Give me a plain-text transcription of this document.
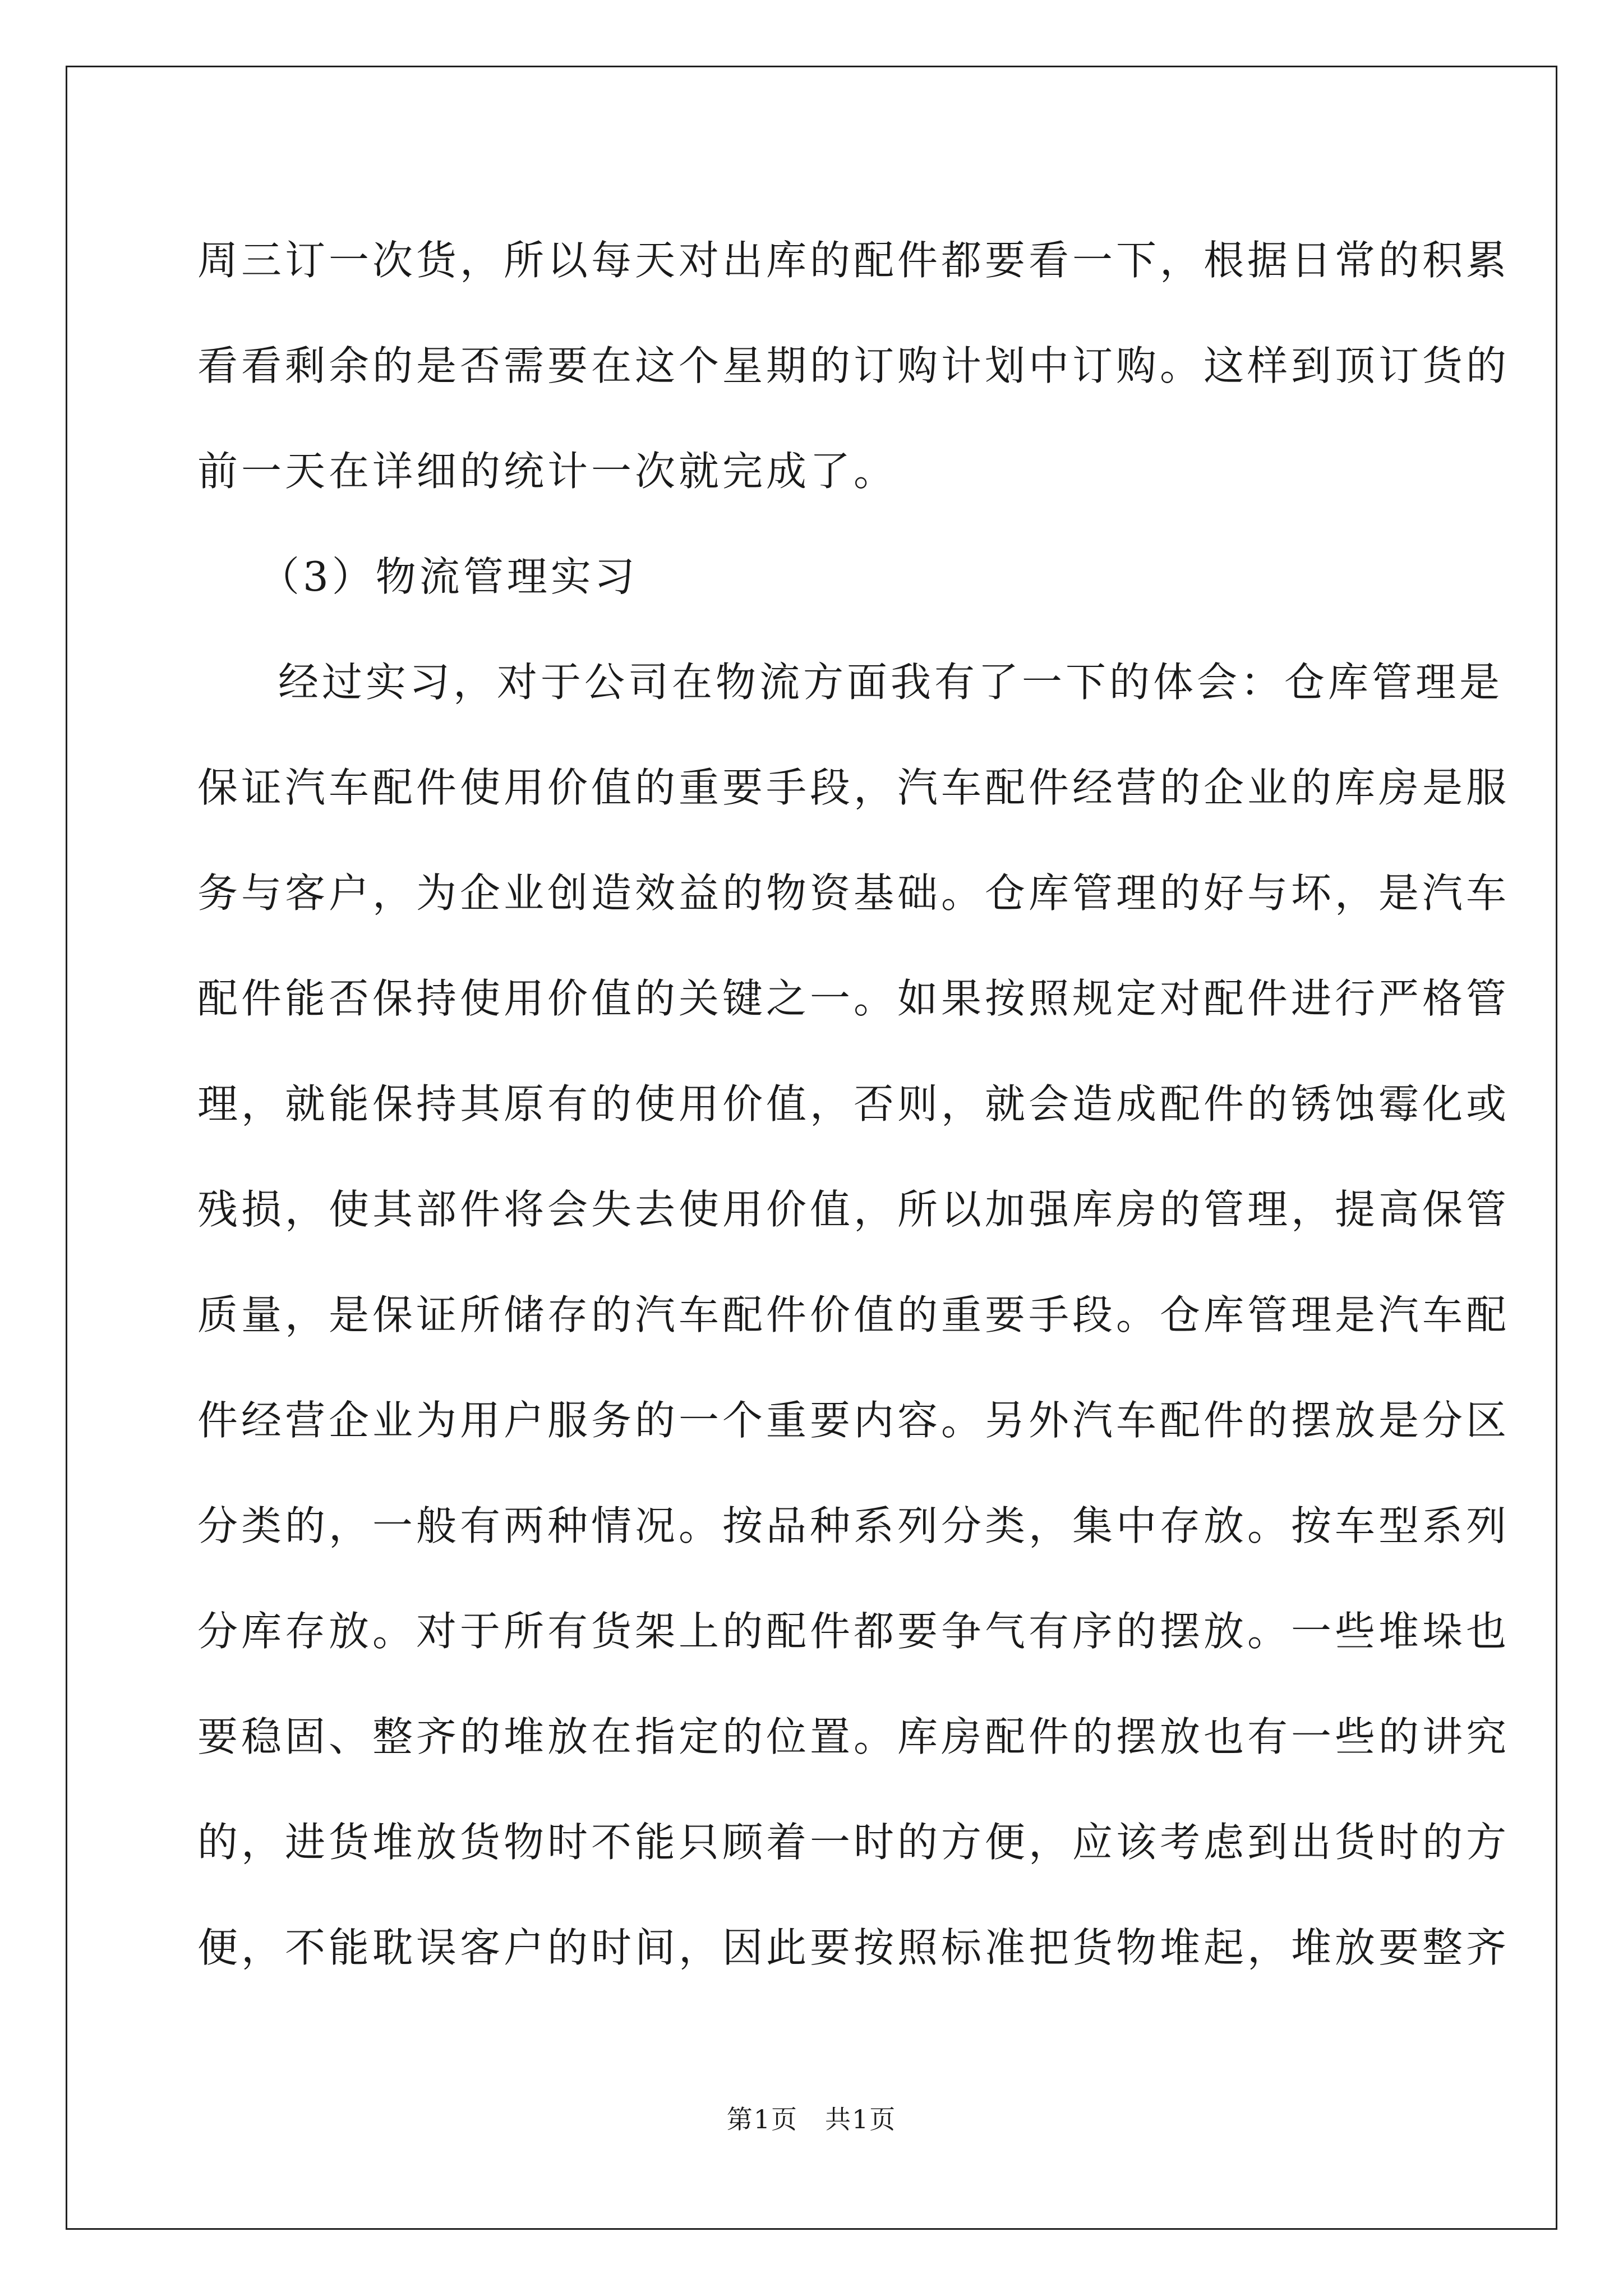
周三订一次货，所以每天对出库的配件都要看一下，根据日常的积累
看看剩余的是否需要在这个星期的订购计划中订购。这样到顶订货的
前一天在详细的统计一次就完成了。
（3）物流管理实习
经过实习，对于公司在物流方面我有了一下的体会：仓库管理是
保证汽车配件使用价值的重要手段，汽车配件经营的企业的库房是服
务与客户，为企业创造效益的物资基础。仓库管理的好与坏，是汽车
配件能否保持使用价值的关键之一。如果按照规定对配件进行严格管
理，就能保持其原有的使用价值，否则，就会造成配件的锈蚀霉化或
残损，使其部件将会失去使用价值，所以加强库房的管理，提高保管
质量，是保证所储存的汽车配件价值的重要手段。仓库管理是汽车配
件经营企业为用户服务的一个重要内容。另外汽车配件的摆放是分区
分类的，一般有两种情况。按品种系列分类，集中存放。按车型系列
分库存放。对于所有货架上的配件都要争气有序的摆放。一些堆垛也
要稳固、整齐的堆放在指定的位置。库房配件的摆放也有一些的讲究
的，进货堆放货物时不能只顾着一时的方便，应该考虑到出货时的方
便，不能耽误客户的时间，因此要按照标准把货物堆起，堆放要整齐
第1页　共1页
